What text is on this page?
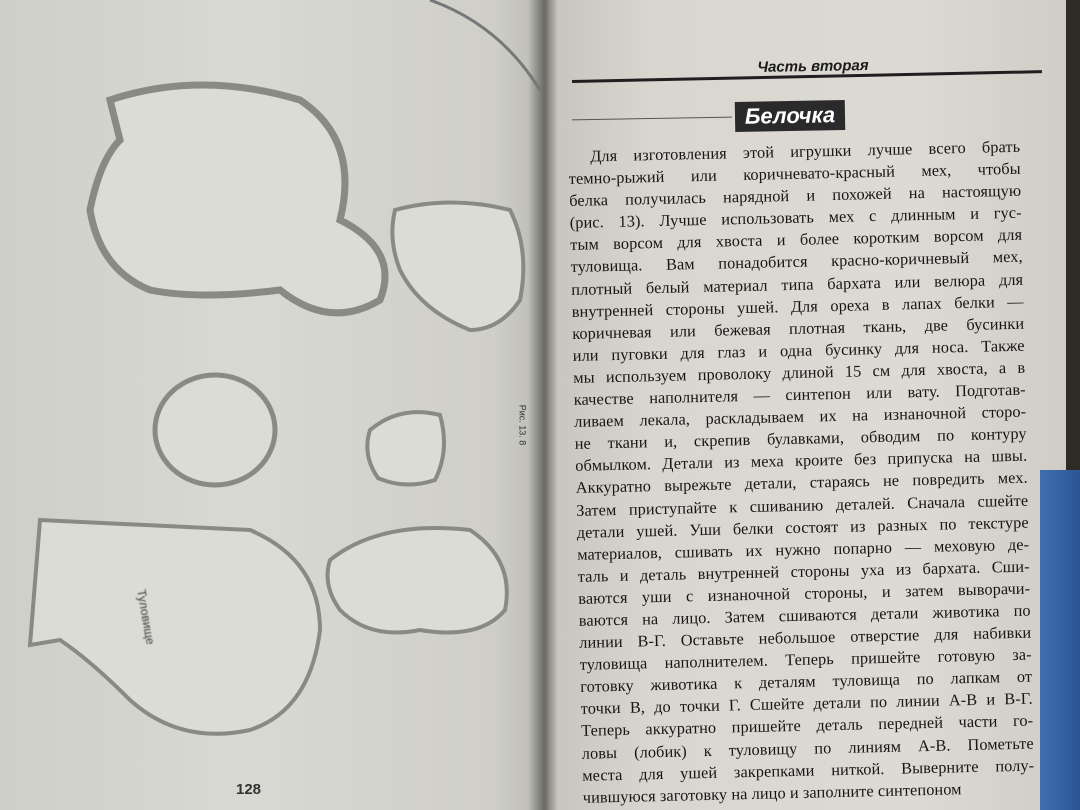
Туловище
Рис. 13. 8
128
Часть вторая
Белочка
Для изготовления этой игрушки лучше всего брать
темно-рыжий или коричневато-красный мех, чтобы
белка получилась нарядной и похожей на настоящую
(рис. 13). Лучше использовать мех с длинным и гус-
тым ворсом для хвоста и более коротким ворсом для
туловища. Вам понадобится красно-коричневый мех,
плотный белый материал типа бархата или велюра для
внутренней стороны ушей. Для ореха в лапах белки —
коричневая или бежевая плотная ткань, две бусинки
или пуговки для глаз и одна бусинку для носа. Также
мы используем проволоку длиной 15 см для хвоста, а в
качестве наполнителя — синтепон или вату. Подготав-
ливаем лекала, раскладываем их на изнаночной сторо-
не ткани и, скрепив булавками, обводим по контуру
обмылком. Детали из меха кроите без припуска на швы.
Аккуратно вырежьте детали, стараясь не повредить мех.
Затем приступайте к сшиванию деталей. Сначала сшейте
детали ушей. Уши белки состоят из разных по текстуре
материалов, сшивать их нужно попарно — меховую де-
таль и деталь внутренней стороны уха из бархата. Сши-
ваются уши с изнаночной стороны, и затем выворачи-
ваются на лицо. Затем сшиваются детали животика по
линии В-Г. Оставьте небольшое отверстие для набивки
туловища наполнителем. Теперь пришейте готовую за-
готовку животика к деталям туловища по лапкам от
точки В, до точки Г. Сшейте детали по линии А-В и В-Г.
Теперь аккуратно пришейте деталь передней части го-
ловы (лобик) к туловищу по линиям А-В. Пометьте
места для ушей закрепками ниткой. Выверните полу-
чившуюся заготовку на лицо и заполните синтепоном
